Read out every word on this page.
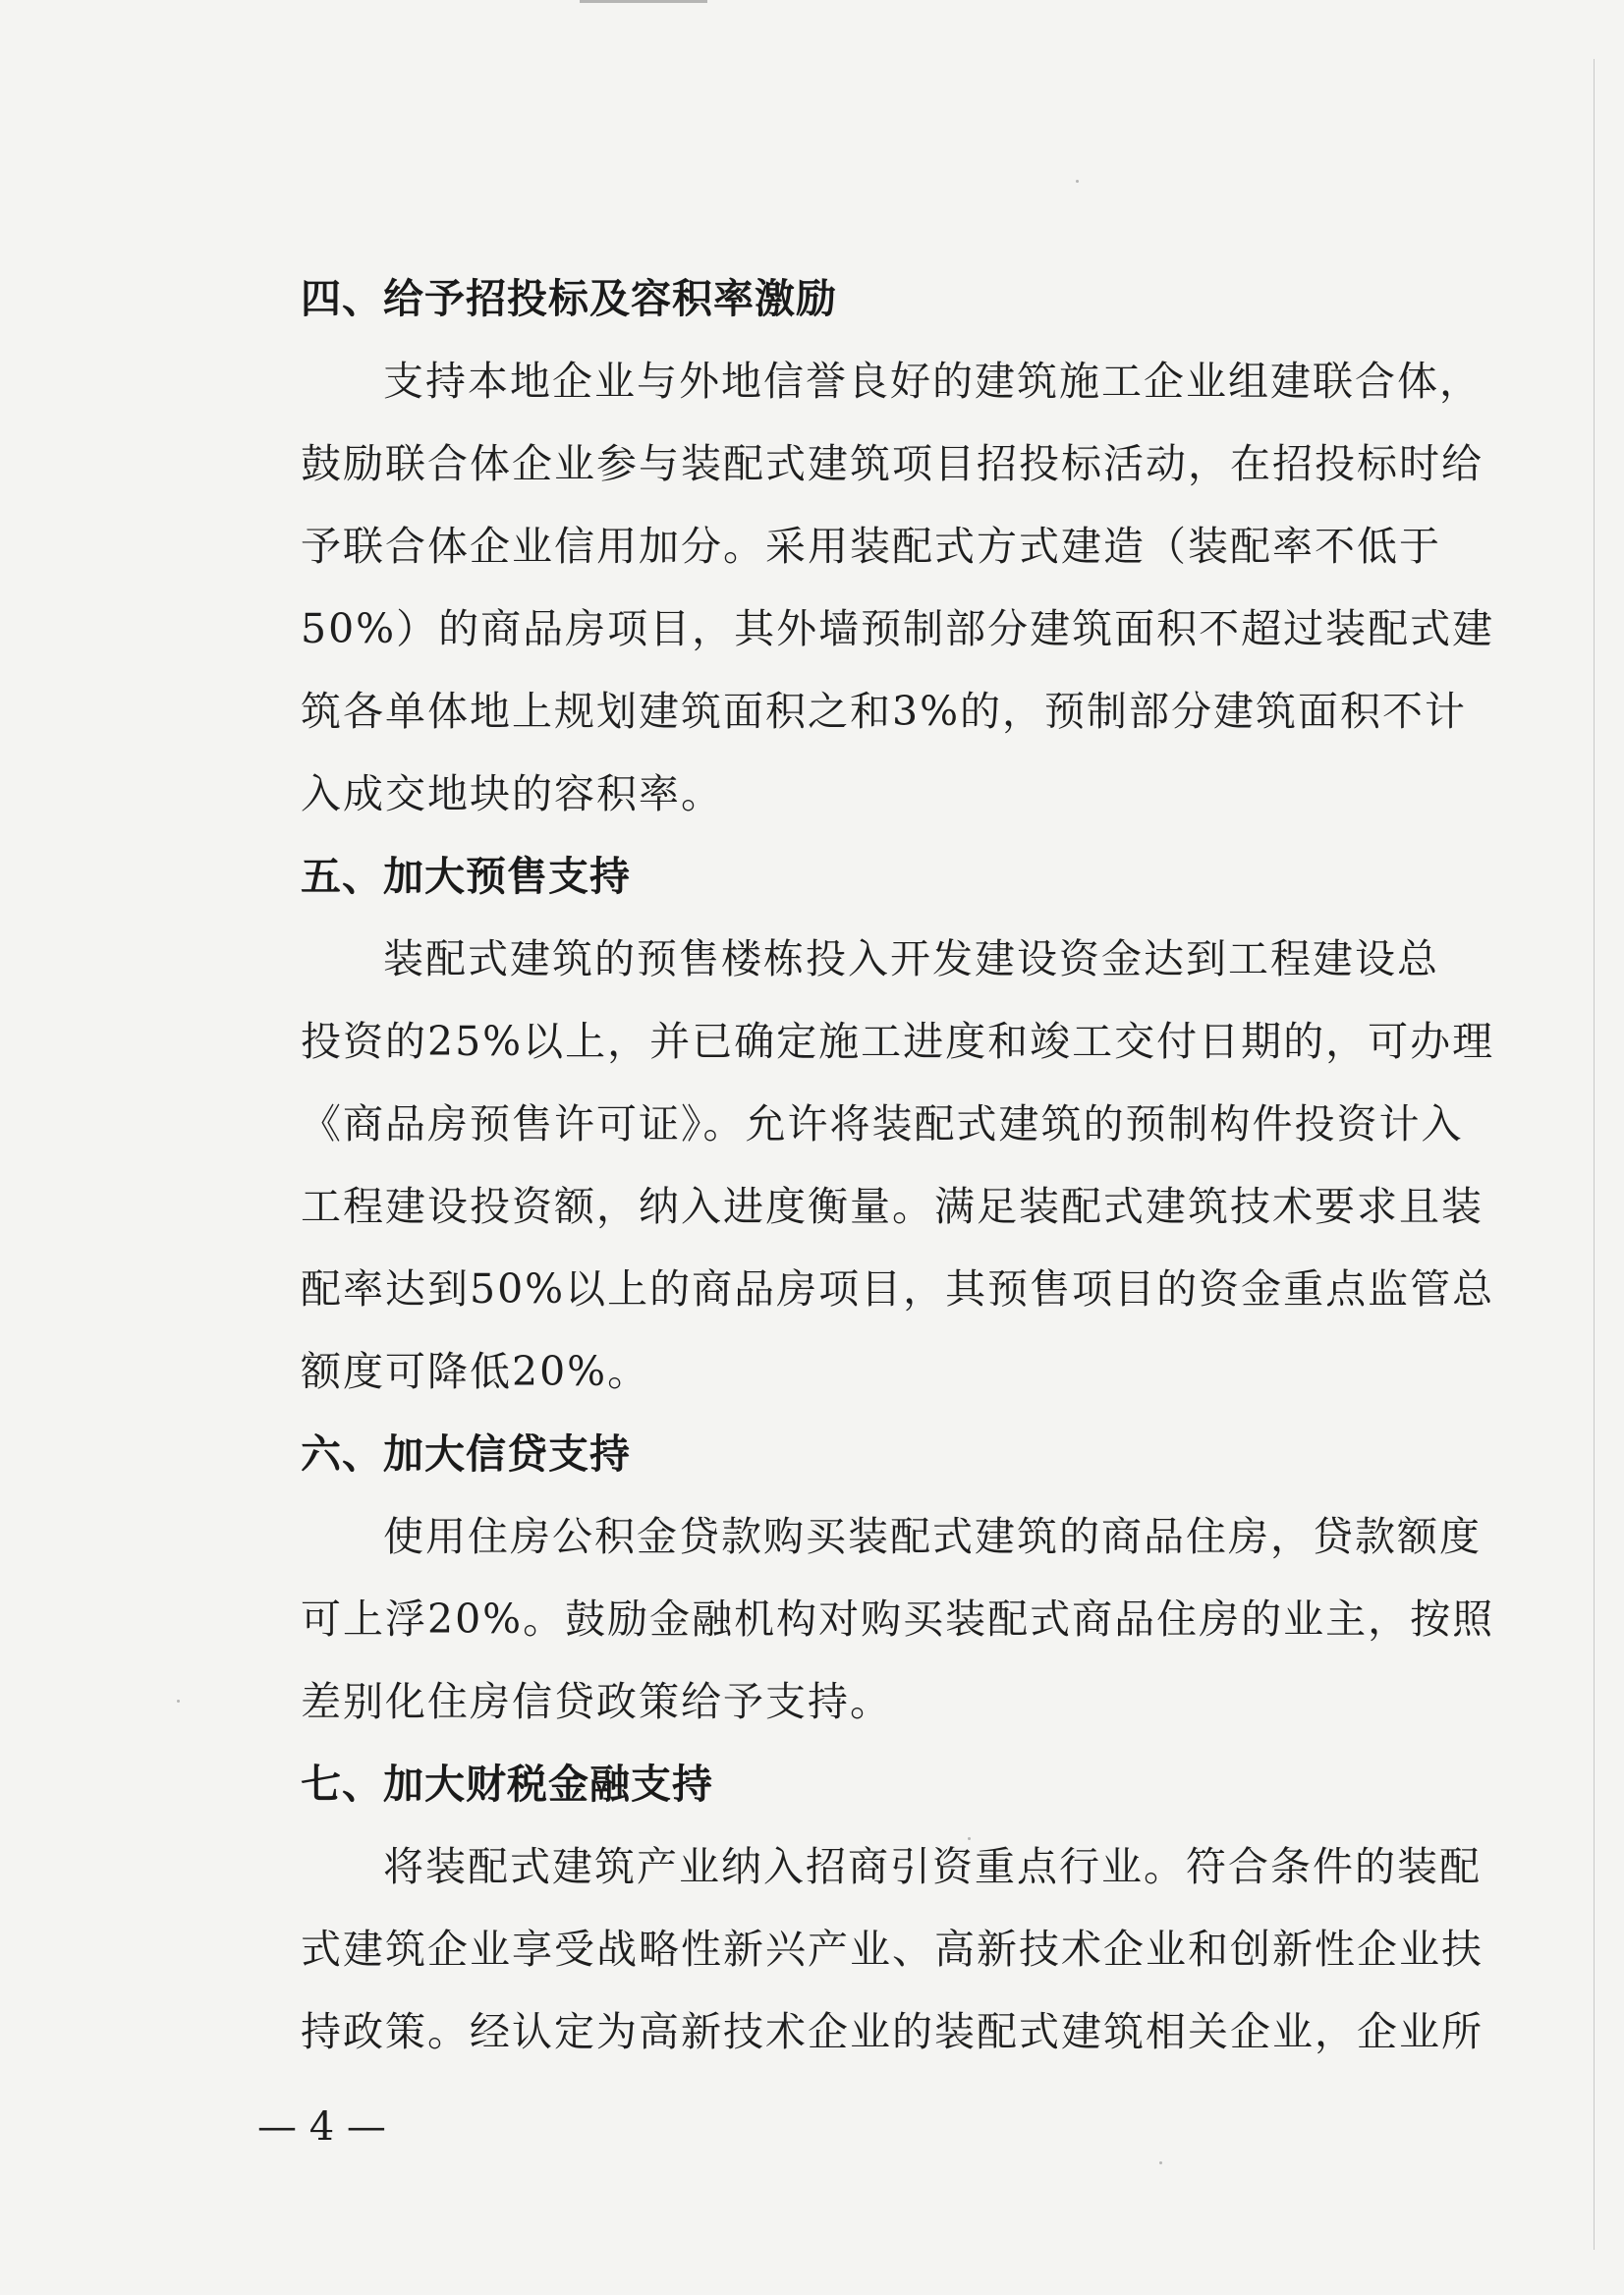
四、给予招投标及容积率激励
支持本地企业与外地信誉良好的建筑施工企业组建联合体，
鼓励联合体企业参与装配式建筑项目招投标活动，在招投标时给
予联合体企业信用加分。采用装配式方式建造（装配率不低于
50%）的商品房项目，其外墙预制部分建筑面积不超过装配式建
筑各单体地上规划建筑面积之和3%的，预制部分建筑面积不计
入成交地块的容积率。
五、加大预售支持
装配式建筑的预售楼栋投入开发建设资金达到工程建设总
投资的25%以上，并已确定施工进度和竣工交付日期的，可办理
《商品房预售许可证》。允许将装配式建筑的预制构件投资计入
工程建设投资额，纳入进度衡量。满足装配式建筑技术要求且装
配率达到50%以上的商品房项目，其预售项目的资金重点监管总
额度可降低20%。
六、加大信贷支持
使用住房公积金贷款购买装配式建筑的商品住房，贷款额度
可上浮20%。鼓励金融机构对购买装配式商品住房的业主，按照
差别化住房信贷政策给予支持。
七、加大财税金融支持
将装配式建筑产业纳入招商引资重点行业。符合条件的装配
式建筑企业享受战略性新兴产业、高新技术企业和创新性企业扶
持政策。经认定为高新技术企业的装配式建筑相关企业，企业所
— 4 —
